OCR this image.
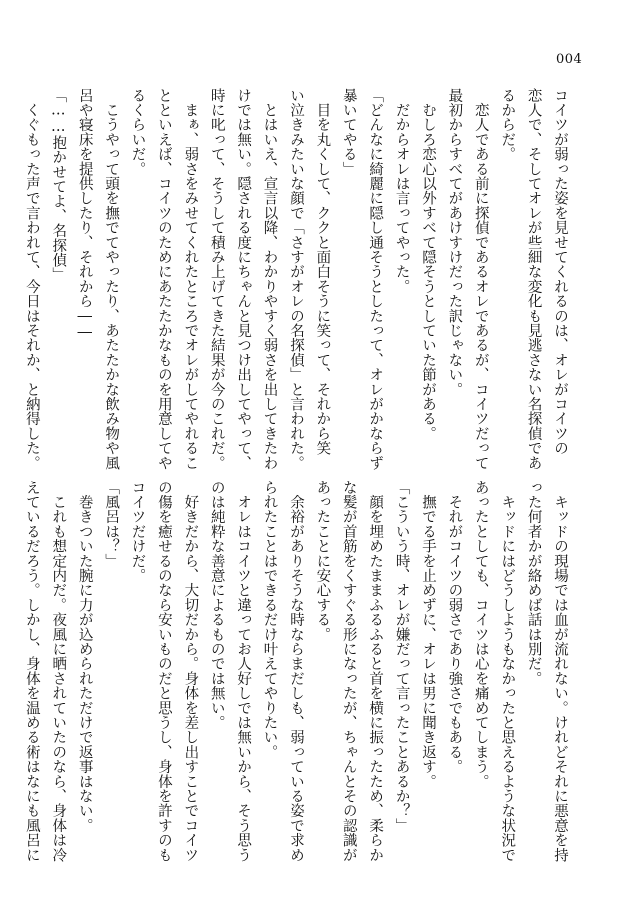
004
コイツが弱った姿を見せてくれるのは、オレがコイツの
恋人で、そしてオレが些細な変化も見逃さない名探偵であ
るからだ。
　恋人である前に探偵であるオレであるが、コイツだって
最初からすべてがあけすけだった訳じゃない。
　むしろ恋心以外すべて隠そうとしていた節がある。
　だからオレは言ってやった。
「どんなに綺麗に隠し通そうとしたって、オレがかならず
暴いてやる」
　目を丸くして、ククと面白そうに笑って、それから笑
い泣きみたいな顔で「さすがオレの名探偵」と言われた。
　とはいえ、宣言以降、わかりやすく弱さを出してきたわ
けでは無い。隠される度にちゃんと見つけ出してやって、
時に叱って、そうして積み上げてきた結果が今のこれだ。
　まぁ、弱さをみせてくれたところでオレがしてやれるこ
とといえば、コイツのためにあたたかなものを用意してや
るくらいだ。
　こうやって頭を撫でてやったり、あたたかな飲み物や風
呂や寝床を提供したり、それから――
「……抱かせてよ、名探偵」
　くぐもった声で言われて、今日はそれか、と納得した。
　キッドの現場では血が流れない。けれどそれに悪意を持
った何者かが絡めば話は別だ。
　キッドにはどうしようもなかったと思えるような状況で
あったとしても、コイツは心を痛めてしまう。
　それがコイツの弱さであり強さでもある。
　撫でる手を止めずに、オレは男に聞き返す。
「こういう時、オレが嫌だって言ったことあるか？」
　顔を埋めたままふるふると首を横に振ったため、柔らか
な髪が首筋をくすぐる形になったが、ちゃんとその認識が
あったことに安心する。
　余裕がありそうな時ならまだしも、弱っている姿で求め
られたことはできるだけ叶えてやりたい。
　オレはコイツと違ってお人好しでは無いから、そう思う
のは純粋な善意によるものでは無い。
　好きだから、大切だから。身体を差し出すことでコイツ
の傷を癒せるのなら安いものだと思うし、身体を許すのも
コイツだけだ。
「風呂は？」
　巻きついた腕に力が込められただけで返事はない。
　これも想定内だ。夜風に晒されていたのなら、身体は冷
えているだろう。しかし、身体を温める術はなにも風呂に
